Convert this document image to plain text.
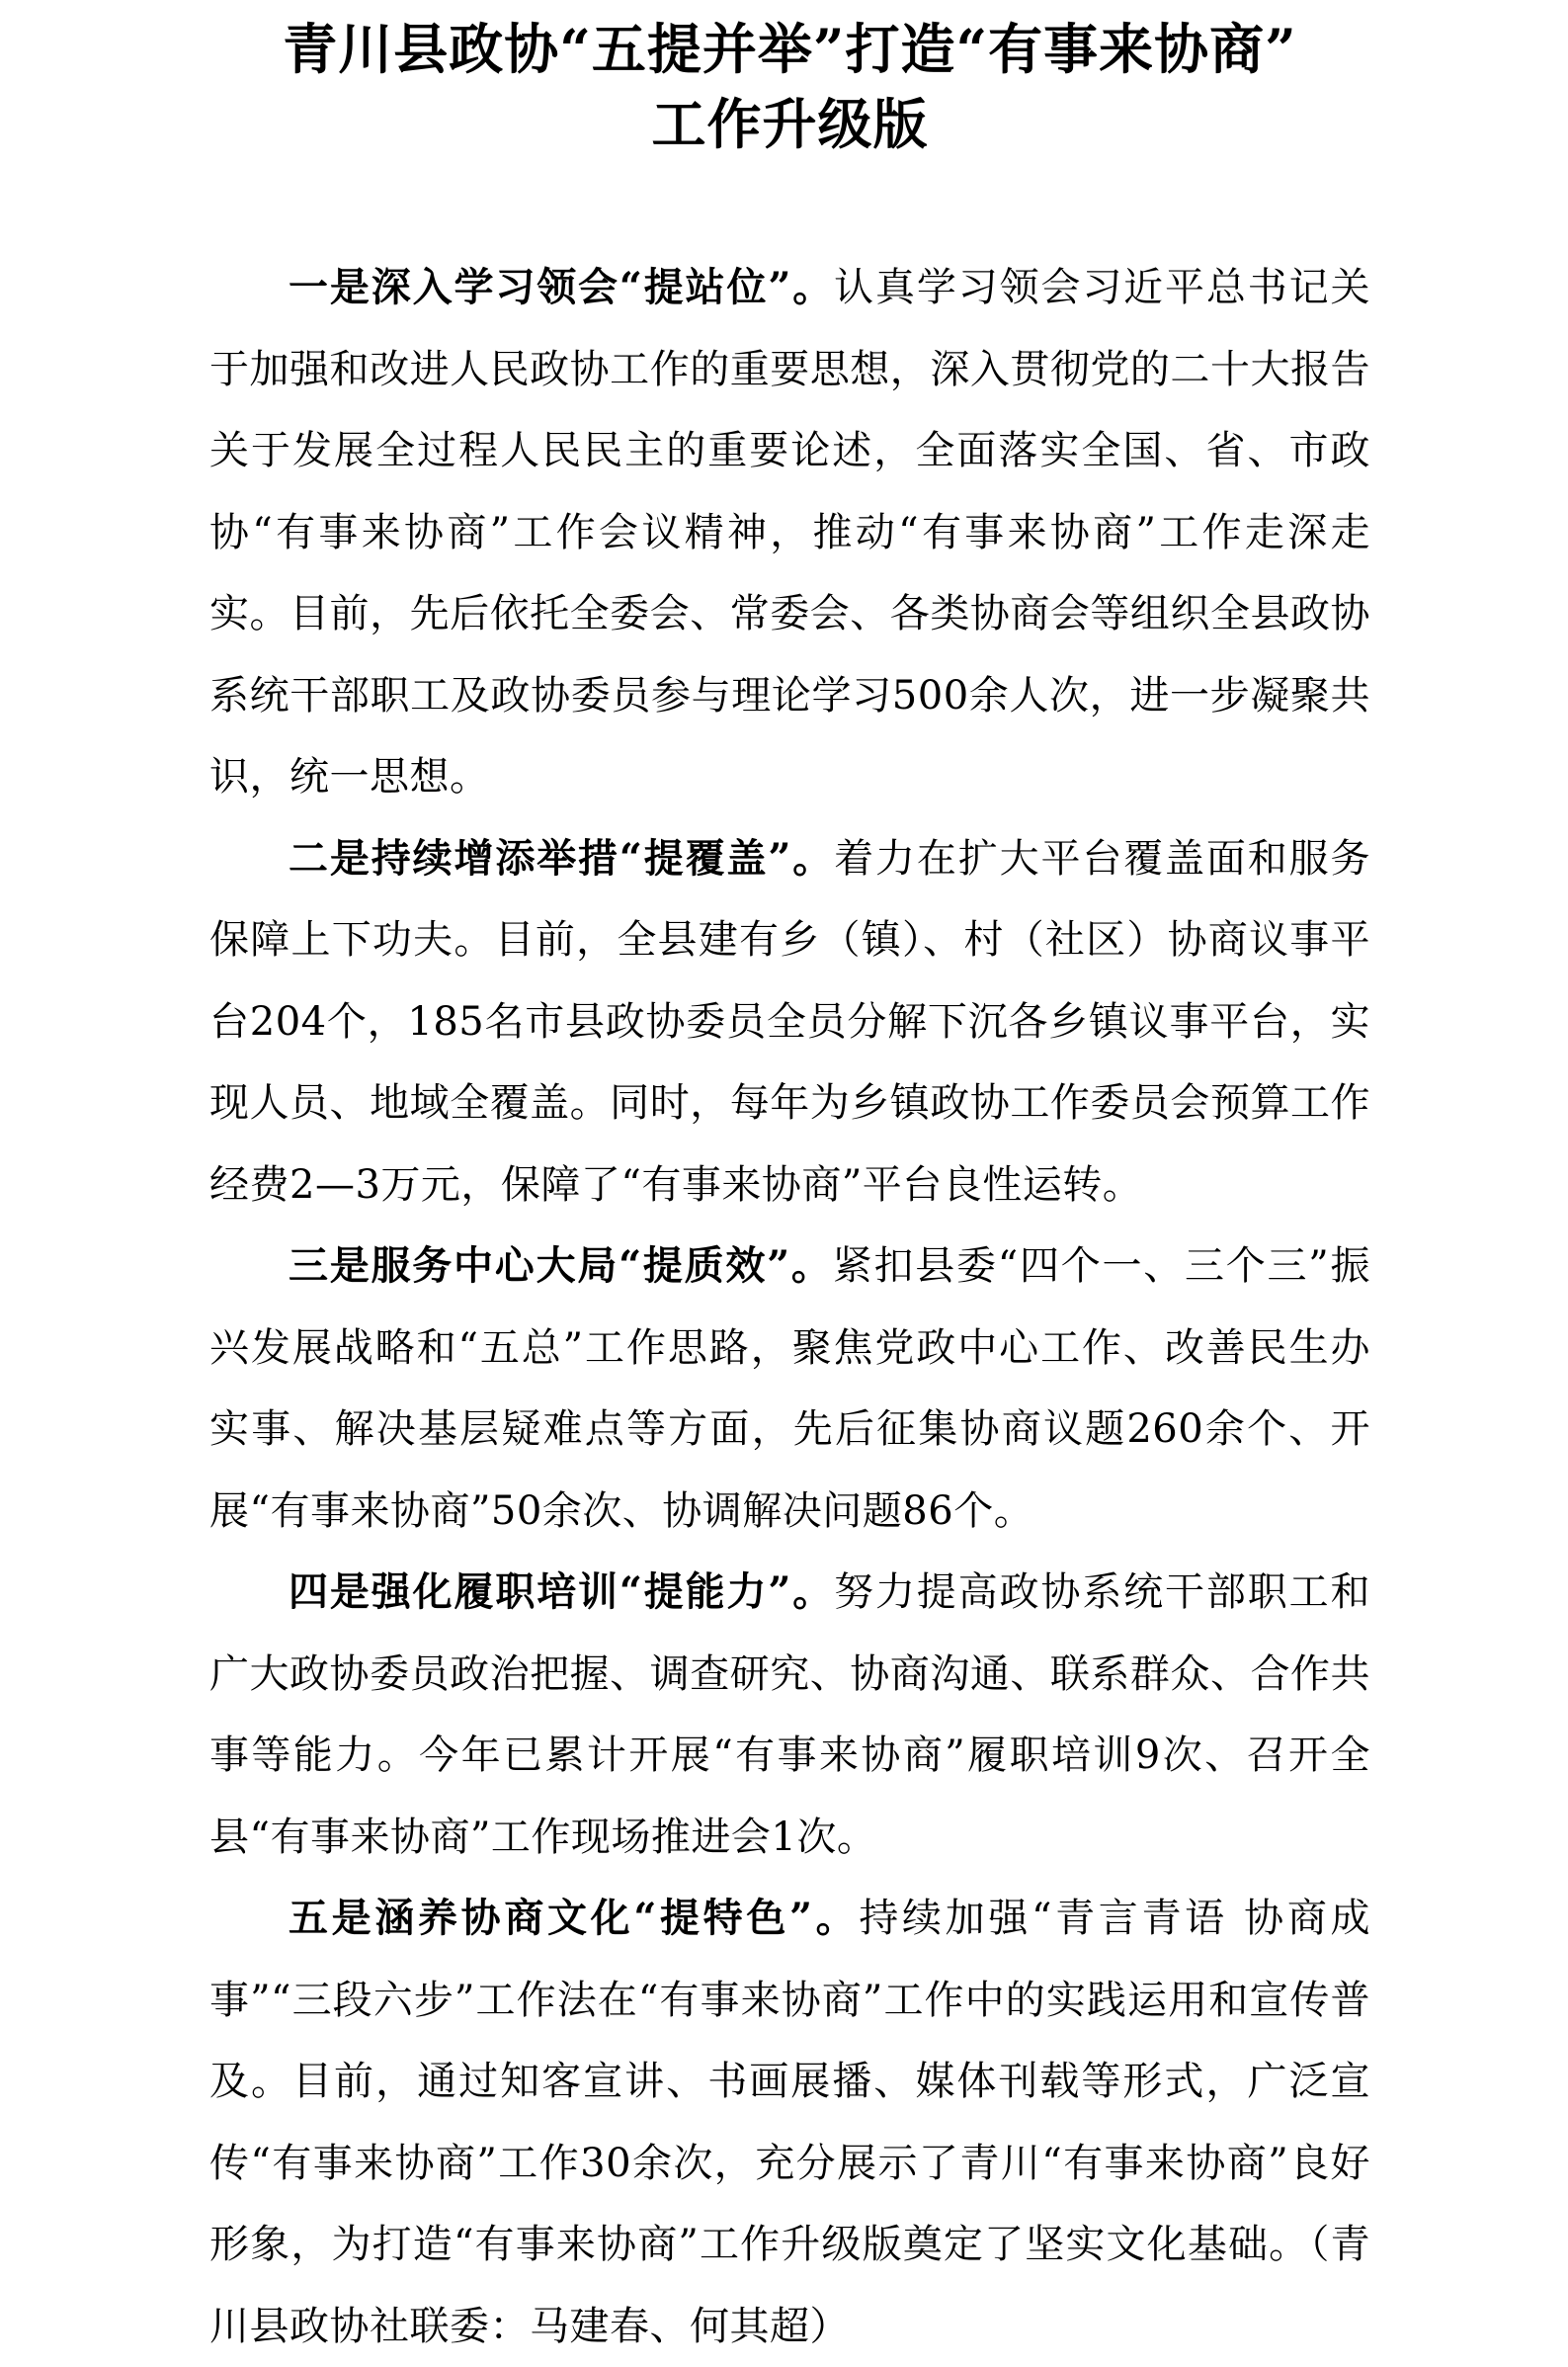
青川县政协“五提并举”打造“有事来协商”
工作升级版

一是深入学习领会“提站位”。认真学习领会习近平总书记关于加强和改进人民政协工作的重要思想，深入贯彻党的二十大报告关于发展全过程人民民主的重要论述，全面落实全国、省、市政协“有事来协商”工作会议精神，推动“有事来协商”工作走深走实。目前，先后依托全委会、常委会、各类协商会等组织全县政协系统干部职工及政协委员参与理论学习500余人次，进一步凝聚共识，统一思想。

二是持续增添举措“提覆盖”。着力在扩大平台覆盖面和服务保障上下功夫。目前，全县建有乡（镇）、村（社区）协商议事平台204个，185名市县政协委员全员分解下沉各乡镇议事平台，实现人员、地域全覆盖。同时，每年为乡镇政协工作委员会预算工作经费2—3万元，保障了“有事来协商”平台良性运转。

三是服务中心大局“提质效”。紧扣县委“四个一、三个三”振兴发展战略和“五总”工作思路，聚焦党政中心工作、改善民生办实事、解决基层疑难点等方面，先后征集协商议题260余个、开展“有事来协商”50余次、协调解决问题86个。

四是强化履职培训“提能力”。努力提高政协系统干部职工和广大政协委员政治把握、调查研究、协商沟通、联系群众、合作共事等能力。今年已累计开展“有事来协商”履职培训9次、召开全县“有事来协商”工作现场推进会1次。

五是涵养协商文化“提特色”。持续加强“青言青语 协商成事”“三段六步”工作法在“有事来协商”工作中的实践运用和宣传普及。目前，通过知客宣讲、书画展播、媒体刊载等形式，广泛宣传“有事来协商”工作30余次，充分展示了青川“有事来协商”良好形象，为打造“有事来协商”工作升级版奠定了坚实文化基础。（青川县政协社联委：马建春、何其超）
